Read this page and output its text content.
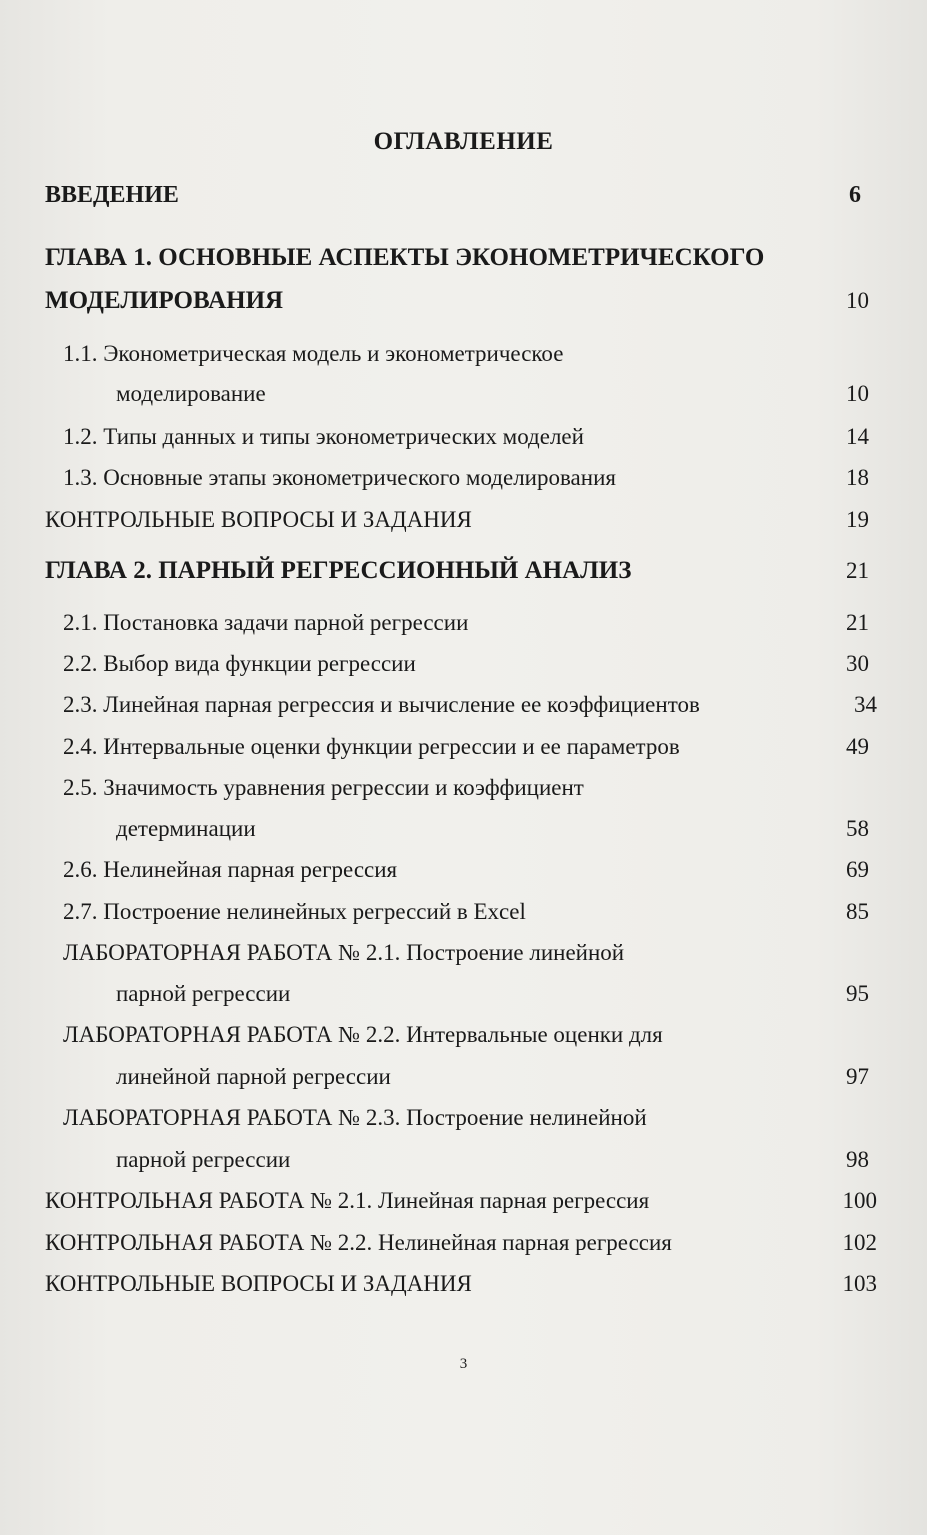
ОГЛАВЛЕНИЕ
ВВЕДЕНИЕ	6
ГЛАВА 1. ОСНОВНЫЕ АСПЕКТЫ ЭКОНОМЕТРИЧЕСКОГО
МОДЕЛИРОВАНИЯ	10
1.1. Эконометрическая модель и эконометрическое
моделирование	10
1.2. Типы данных и типы эконометрических моделей	14
1.3. Основные этапы эконометрического моделирования	18
КОНТРОЛЬНЫЕ ВОПРОСЫ И ЗАДАНИЯ	19
ГЛАВА 2. ПАРНЫЙ РЕГРЕССИОННЫЙ АНАЛИЗ	21
2.1. Постановка задачи парной регрессии	21
2.2. Выбор вида функции регрессии	30
2.3. Линейная парная регрессия и вычисление ее коэффициентов	34
2.4. Интервальные оценки функции регрессии и ее параметров	49
2.5. Значимость уравнения регрессии и коэффициент
детерминации	58
2.6. Нелинейная парная регрессия	69
2.7. Построение нелинейных регрессий в Excel	85
ЛАБОРАТОРНАЯ РАБОТА № 2.1. Построение линейной
парной регрессии	95
ЛАБОРАТОРНАЯ РАБОТА № 2.2. Интервальные оценки для
линейной парной регрессии	97
ЛАБОРАТОРНАЯ РАБОТА № 2.3. Построение нелинейной
парной регрессии	98
КОНТРОЛЬНАЯ РАБОТА № 2.1. Линейная парная регрессия	100
КОНТРОЛЬНАЯ РАБОТА № 2.2. Нелинейная парная регрессия	102
КОНТРОЛЬНЫЕ ВОПРОСЫ И ЗАДАНИЯ	103
3
